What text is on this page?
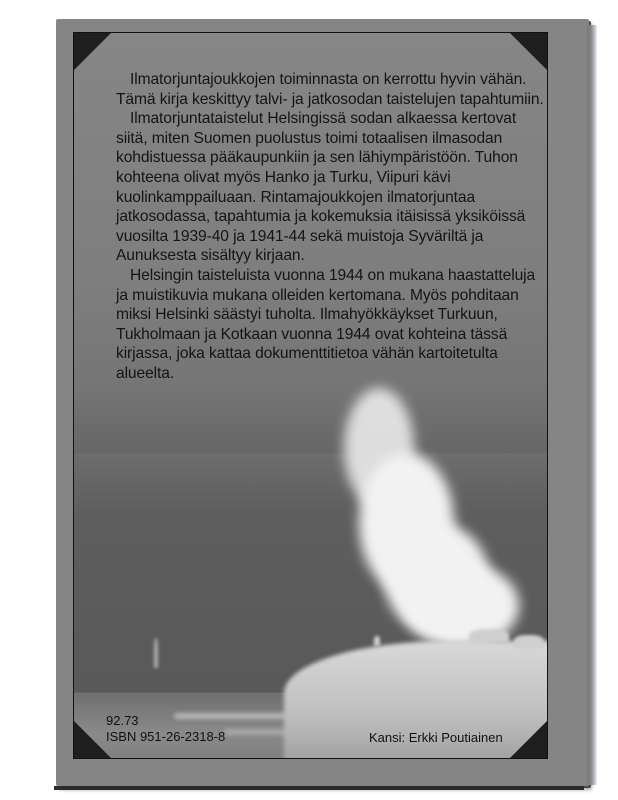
Ilmatorjuntajoukkojen toiminnasta on kerrottu hyvin vähän. Tämä kirja keskittyy talvi- ja jatkosodan taistelujen tapahtumiin.

Ilmatorjuntataistelut Helsingissä sodan alkaessa kertovat siitä, miten Suomen puolustus toimi totaalisen ilmasodan kohdistuessa pääkaupunkiin ja sen lähiympäristöön. Tuhon kohteena olivat myös Hanko ja Turku, Viipuri kävi kuolinkamppailuaan. Rintamajoukkojen ilmatorjuntaa jatkosodassa, tapahtumia ja kokemuksia itäisissä yksiköissä vuosilta 1939-40 ja 1941-44 sekä muistoja Syväriltä ja Aunuksesta sisältyy kirjaan.

Helsingin taisteluista vuonna 1944 on mukana haastatteluja ja muistikuvia mukana olleiden kertomana. Myös pohditaan miksi Helsinki säästyi tuholta. Ilmahyökkäykset Turkuun, Tukholmaan ja Kotkaan vuonna 1944 ovat kohteina tässä kirjassa, joka kattaa dokumenttitietoa vähän kartoitetulta alueelta.

92.73
ISBN 951-26-2318-8	Kansi: Erkki Poutiainen
